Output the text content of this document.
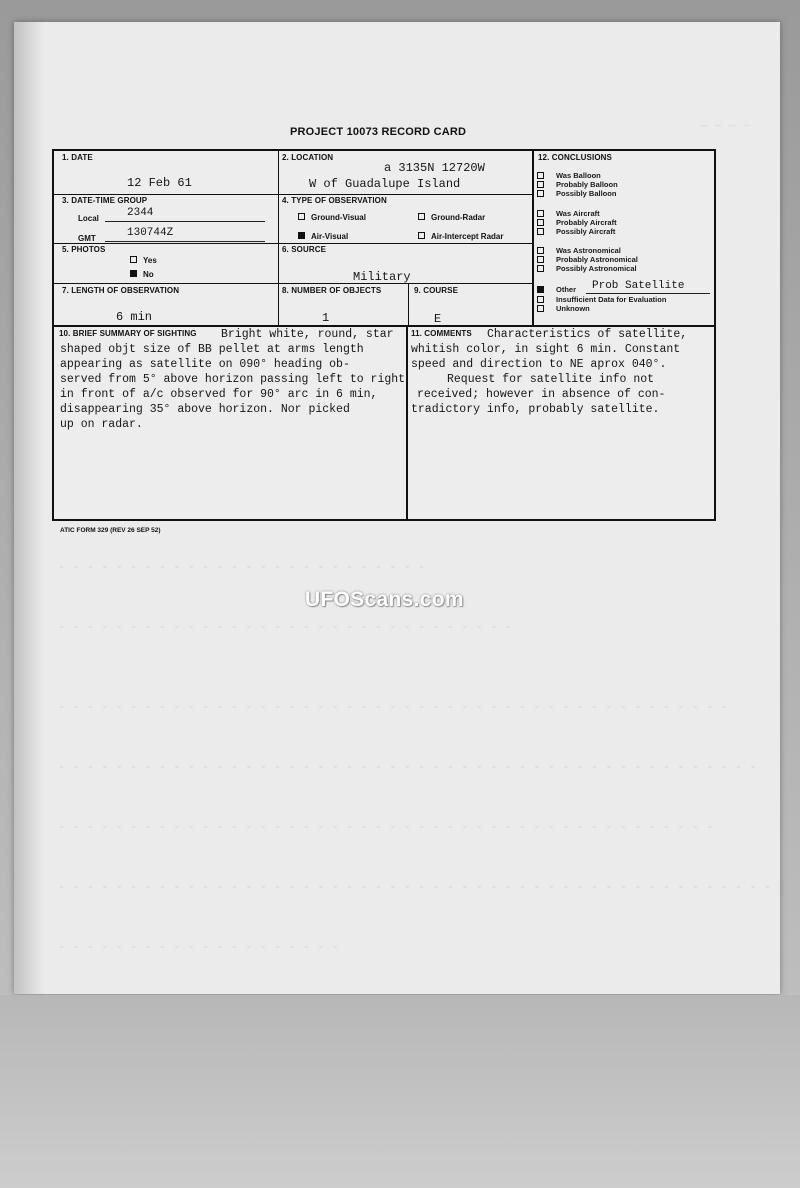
_ _ _ _
- - - - - - - - - - - - - - - - - - - - - - - - - -
- - - - - - - - - - - - - - - - - - - - - - - - - - - - - - - -
- - - - - - - - - - - - - - - - - - - - - - - - - - - - - - - - - - - - - - - - - - - - - - -
- - - - - - - - - - - - - - - - - - - - - - - - - - - - - - - - - - - - - - - - - - - - - - - - -
- - - - - - - - - - - - - - - - - - - - - - - - - - - - - - - - - - - - - - - - - - - - - -
- - - - - - - - - - - - - - - - - - - - - - - - - - - - - - - - - - - - - - - - - - - - - - - - - -
- - - - - - - - - - - - - - - - - - - -
PROJECT 10073 RECORD CARD
1. DATE
12 Feb 61
2. LOCATION
a 3135N 12720W
W of Guadalupe Island
3. DATE-TIME GROUP
Local	2344
GMT	130744Z
4. TYPE OF OBSERVATION
Ground-Visual	Ground-Radar
Air-Visual	Air-Intercept Radar
5. PHOTOS
Yes
No
6. SOURCE
Military
7. LENGTH OF OBSERVATION
6 min
8. NUMBER OF OBJECTS
1
9. COURSE
E
10. BRIEF SUMMARY OF SIGHTING	Bright white, round, star
shaped objt size of BB pellet at arms length
appearing as satellite on 090° heading ob-
served from 5° above horizon passing left to right
in front of a/c observed for 90° arc in 6 min,
disappearing 35° above horizon. Nor picked
up on radar.
11. COMMENTS	Characteristics of satellite,
whitish color, in sight 6 min. Constant
speed and direction to NE aprox 040°.
Request for satellite info not
received; however in absence of con-
tradictory info, probably satellite.
12. CONCLUSIONS
Was Balloon
Probably Balloon
Possibly Balloon
Was Aircraft
Probably Aircraft
Possibly Aircraft
Was Astronomical
Probably Astronomical
Possibly Astronomical
Other Prob Satellite
Insufficient Data for Evaluation
Unknown
ATIC FORM 329 (REV 26 SEP 52)
UFOScans.com
